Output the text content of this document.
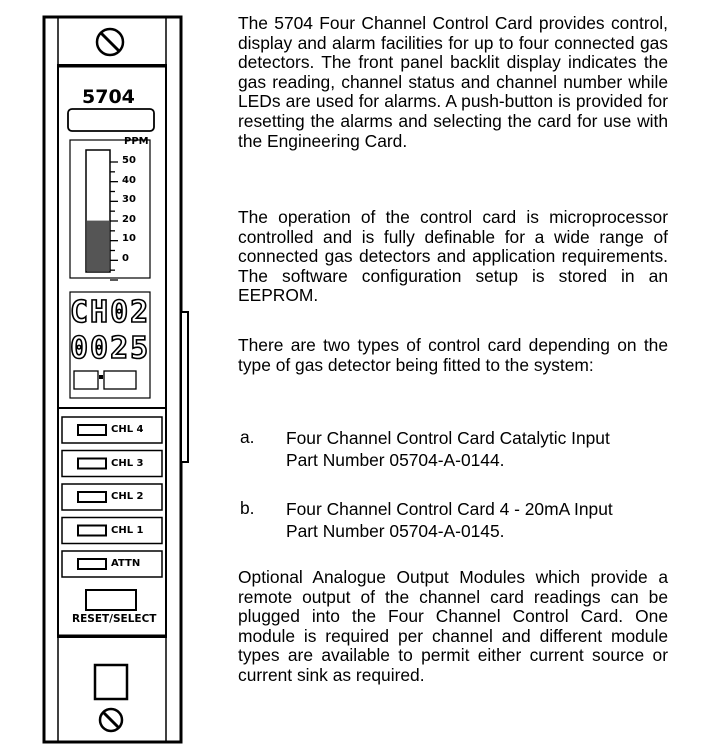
5704
PPM
50
40
30
20
10
0
CH02
0025
CHL 4
CHL 3
CHL 2
CHL 1
ATTN
RESET/SELECT
The 5704 Four Channel Control Card provides control, display and alarm facilities for up to four connected gas detectors. The front panel backlit display indicates the gas reading, channel status and channel number while LEDs are used for alarms. A push-button is provided for resetting the alarms and selecting the card for use with the Engineering Card.
The operation of the control card is microprocessor controlled and is fully definable for a wide range of connected gas detectors and application requirements. The software configuration setup is stored in an EEPROM.
There are two types of control card depending on the type of gas detector being fitted to the system:
a. Four Channel Control Card Catalytic Input
Part Number 05704-A-0144.
b. Four Channel Control Card 4 - 20mA Input
Part Number 05704-A-0145.
Optional Analogue Output Modules which provide a remote output of the channel card readings can be plugged into the Four Channel Control Card. One module is required per channel and different module types are available to permit either current source or current sink as required.
